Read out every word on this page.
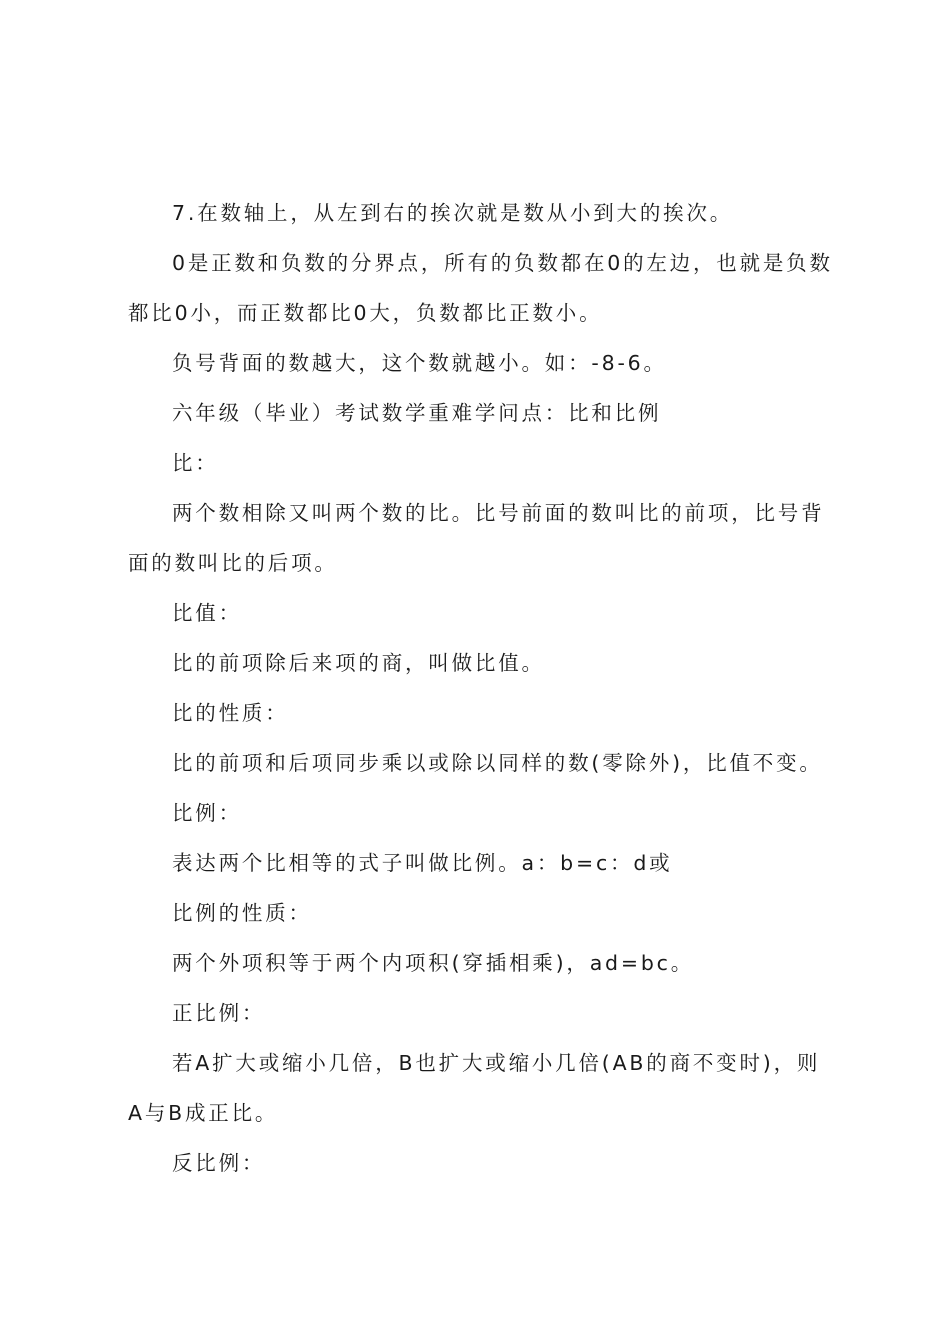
7.在数轴上，从左到右的挨次就是数从小到大的挨次。

0是正数和负数的分界点，所有的负数都在0的左边，也就是负数都比0小，而正数都比0大，负数都比正数小。

负号背面的数越大，这个数就越小。如：-8-6。

六年级（毕业）考试数学重难学问点：比和比例

比：

两个数相除又叫两个数的比。比号前面的数叫比的前项，比号背面的数叫比的后项。

比值：

比的前项除后来项的商，叫做比值。

比的性质：

比的前项和后项同步乘以或除以同样的数(零除外)，比值不变。

比例：

表达两个比相等的式子叫做比例。a：b=c：d或

比例的性质：

两个外项积等于两个内项积(穿插相乘)，ad=bc。

正比例：

若A扩大或缩小几倍，B也扩大或缩小几倍(AB的商不变时)，则A与B成正比。

反比例：
